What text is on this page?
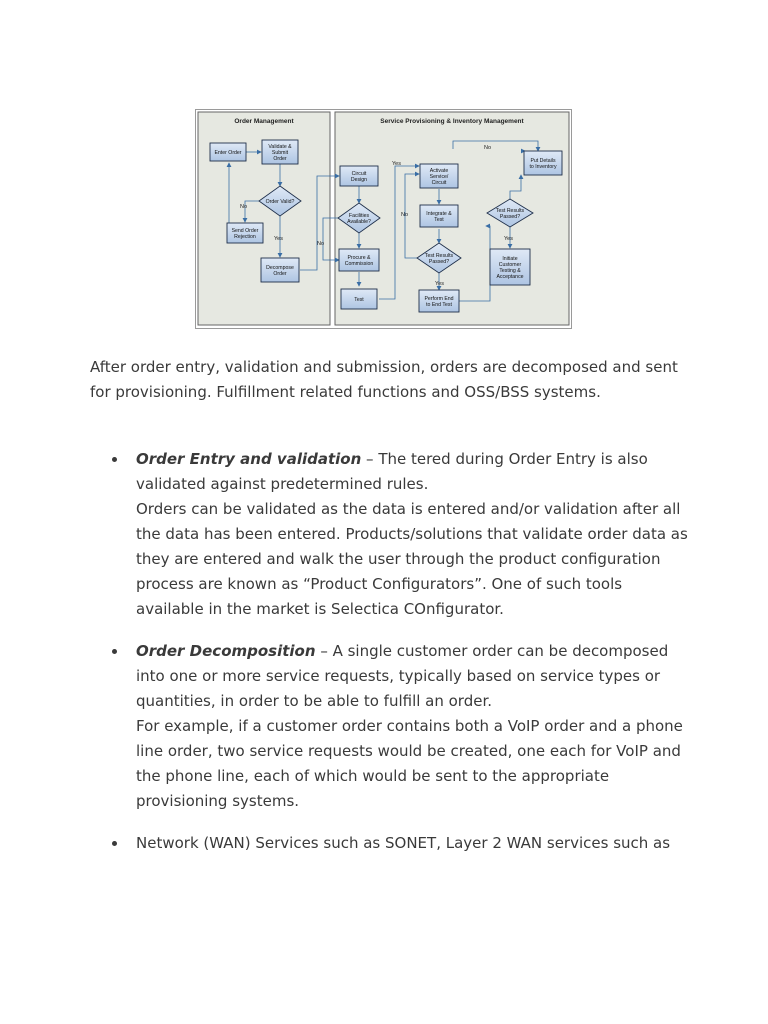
Order Management	Service Provisioning & Inventory Management
Enter Order
Validate &
Submit
Order
Order Valid?
Send Order
Rejection
Decompose
Order
Circuit
Design
Facilities
Available?
Procure &
Commission
Test
Activate
Service/
Circuit
Integrate &
Test
Test Results
Passed?
Perform End
to End Test
Test Results
Passed?
Initiate
Customer
Testing &
Acceptance
Put Details
to Inventory
No
Yes
No
Yes
No
No
Yes
Yes

After order entry, validation and submission, orders are decomposed and sent for provisioning. Fulfillment related functions and OSS/BSS systems.

Order Entry and validation – The tered during Order Entry is also validated against predetermined rules.

Orders can be validated as the data is entered and/or validation after all the data has been entered. Products/solutions that validate order data as they are entered and walk the user through the product configuration process are known as “Product Configurators”. One of such tools available in the market is Selectica COnfigurator.

Order Decomposition – A single customer order can be decomposed into one or more service requests, typically based on service types or quantities, in order to be able to fulfill an order.

For example, if a customer order contains both a VoIP order and a phone line order, two service requests would be created, one each for VoIP and the phone line, each of which would be sent to the appropriate provisioning systems.

Network (WAN) Services such as SONET, Layer 2 WAN services such as
